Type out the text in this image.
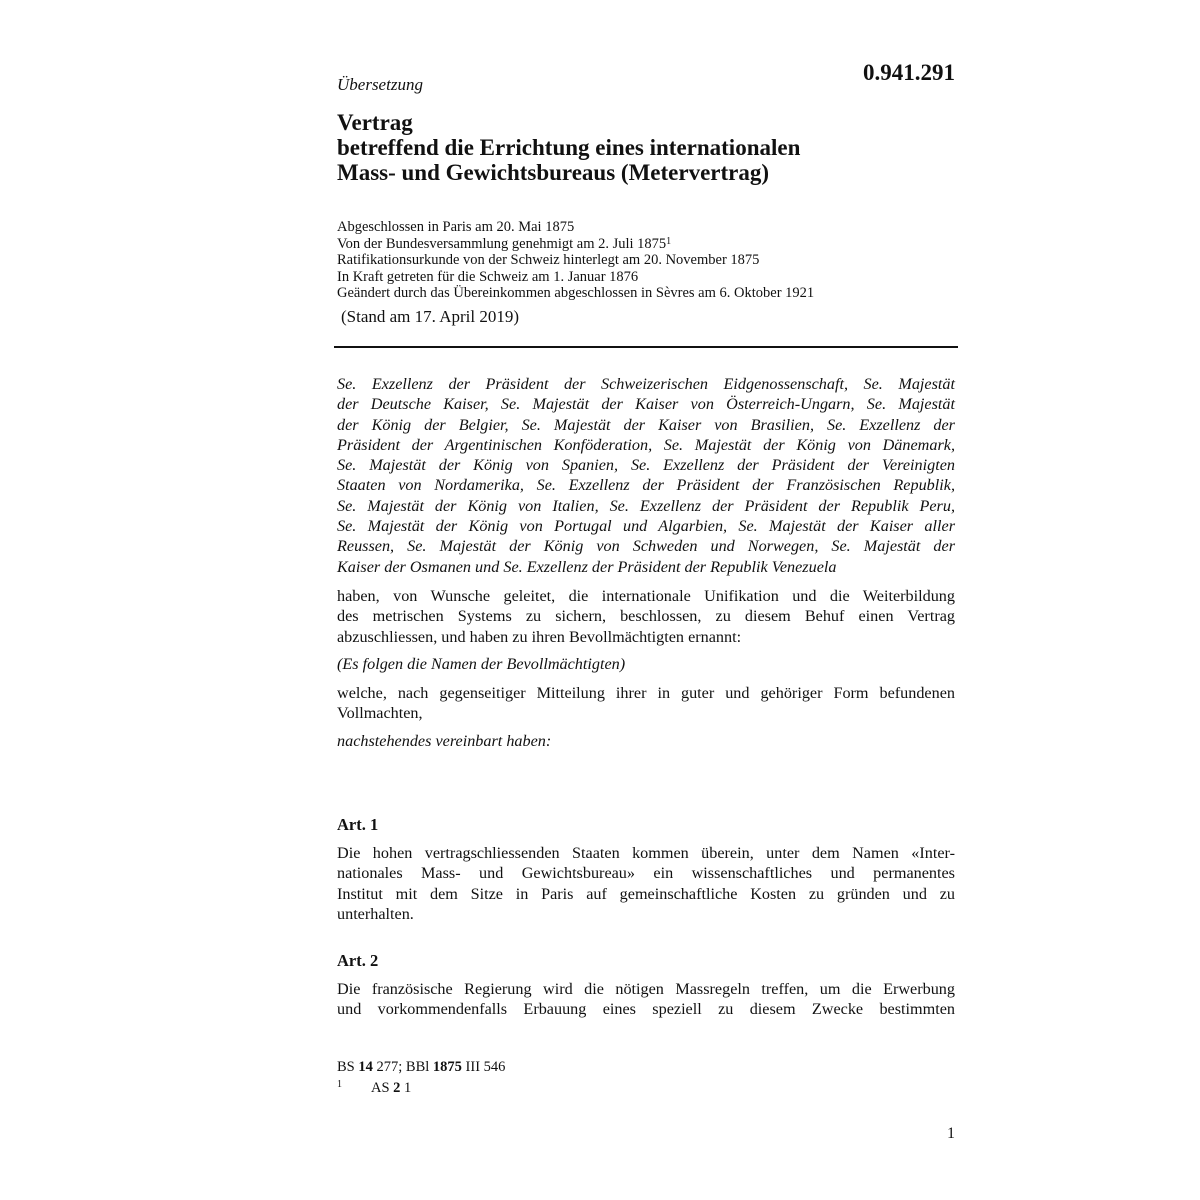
0.941.291
Übersetzung
Vertrag
betreffend die Errichtung eines internationalen
Mass- und Gewichtsbureaus (Metervertrag)
Abgeschlossen in Paris am 20. Mai 1875
Von der Bundesversammlung genehmigt am 2. Juli 1875$^1$
Ratifikationsurkunde von der Schweiz hinterlegt am 20. November 1875
In Kraft getreten für die Schweiz am 1. Januar 1876
Geändert durch das Übereinkommen abgeschlossen in Sèvres am 6. Oktober 1921
(Stand am 17. April 2019)
Se. Exzellenz der Präsident der Schweizerischen Eidgenossenschaft, Se. Majestät
der Deutsche Kaiser, Se. Majestät der Kaiser von Österreich-Ungarn, Se. Majestät
der König der Belgier, Se. Majestät der Kaiser von Brasilien, Se. Exzellenz der
Präsident der Argentinischen Konföderation, Se. Majestät der König von Dänemark,
Se. Majestät der König von Spanien, Se. Exzellenz der Präsident der Vereinigten
Staaten von Nordamerika, Se. Exzellenz der Präsident der Französischen Republik,
Se. Majestät der König von Italien, Se. Exzellenz der Präsident der Republik Peru,
Se. Majestät der König von Portugal und Algarbien, Se. Majestät der Kaiser aller
Reussen, Se. Majestät der König von Schweden und Norwegen, Se. Majestät der
Kaiser der Osmanen und Se. Exzellenz der Präsident der Republik Venezuela
haben, von Wunsche geleitet, die internationale Unifikation und die Weiterbildung
des metrischen Systems zu sichern, beschlossen, zu diesem Behuf einen Vertrag
abzuschliessen, und haben zu ihren Bevollmächtigten ernannt:
(Es folgen die Namen der Bevollmächtigten)
welche, nach gegenseitiger Mitteilung ihrer in guter und gehöriger Form befundenen
Vollmachten,
nachstehendes vereinbart haben:
Art. 1
Die hohen vertragschliessenden Staaten kommen überein, unter dem Namen «Inter-
nationales Mass- und Gewichtsbureau» ein wissenschaftliches und permanentes
Institut mit dem Sitze in Paris auf gemeinschaftliche Kosten zu gründen und zu
unterhalten.
Art. 2
Die französische Regierung wird die nötigen Massregeln treffen, um die Erwerbung
und vorkommendenfalls Erbauung eines speziell zu diesem Zwecke bestimmten
BS 14 277; BBl 1875 III 546
1 AS 2 1
1
